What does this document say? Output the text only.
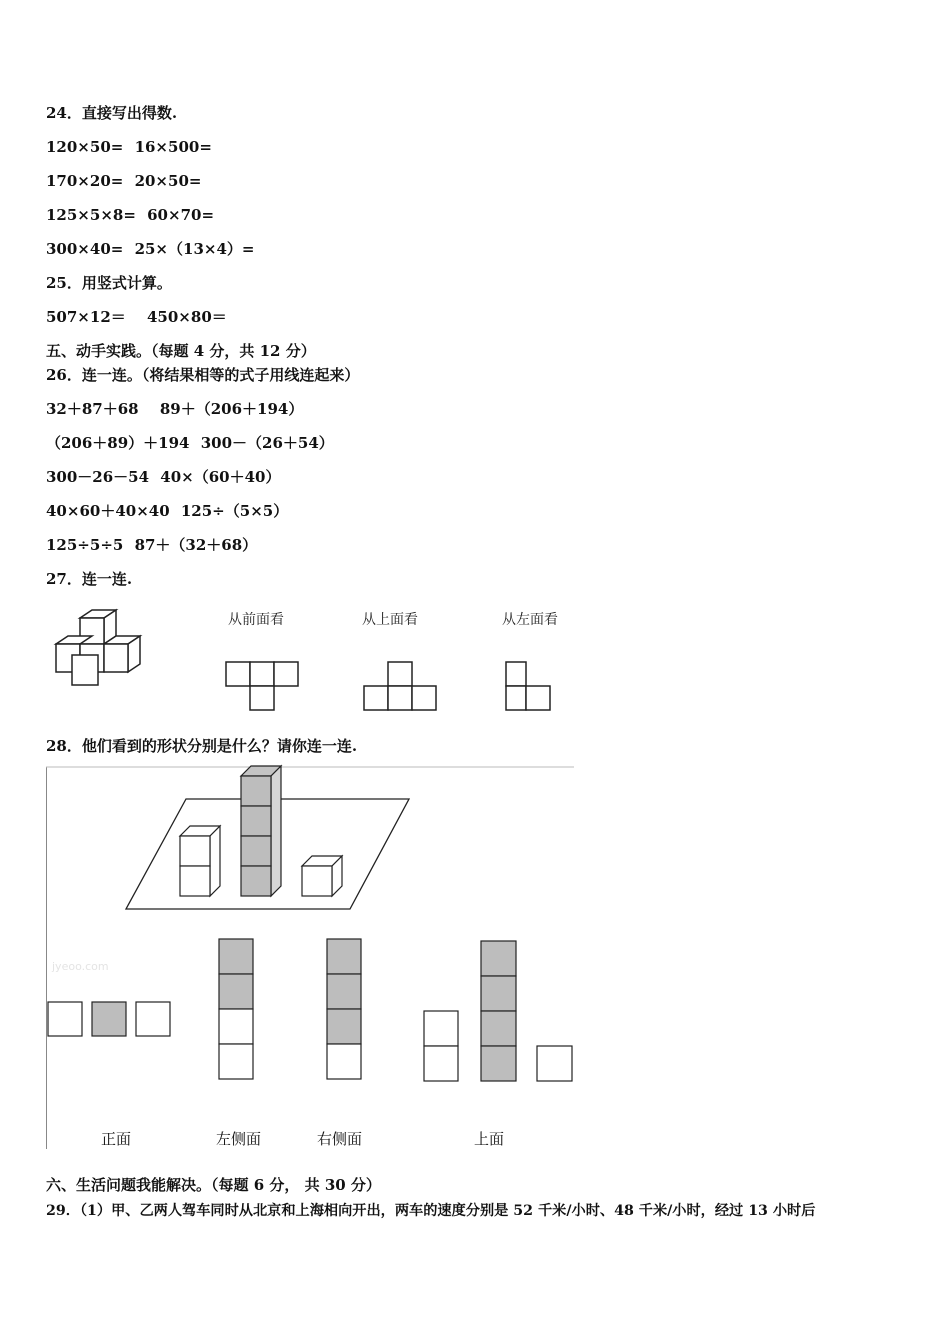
24．直接写出得数.
120×50= 16×500=
170×20= 20×50=
125×5×8= 60×70=
300×40= 25×（13×4）=
25．用竖式计算。
507×12＝ 450×80＝
五、动手实践。（每题 4 分，共 12 分）
26．连一连。（将结果相等的式子用线连起来）
32＋87＋68 89＋（206＋194）
（206＋89）＋194 300－（26＋54）
300－26－54 40×（60＋40）
40×60＋40×40 125÷（5×5）
125÷5÷5 87＋（32＋68）
27．连一连.
从前面看	从上面看	从左面看
28．他们看到的形状分别是什么？请你连一连.
jyeoo.com
正面	左侧面	右侧面	上面
六、生活问题我能解决。（每题 6 分， 共 30 分）
29．（1）甲、乙两人驾车同时从北京和上海相向开出，两车的速度分别是 52 千米/小时、48 千米/小时，经过 13 小时后
